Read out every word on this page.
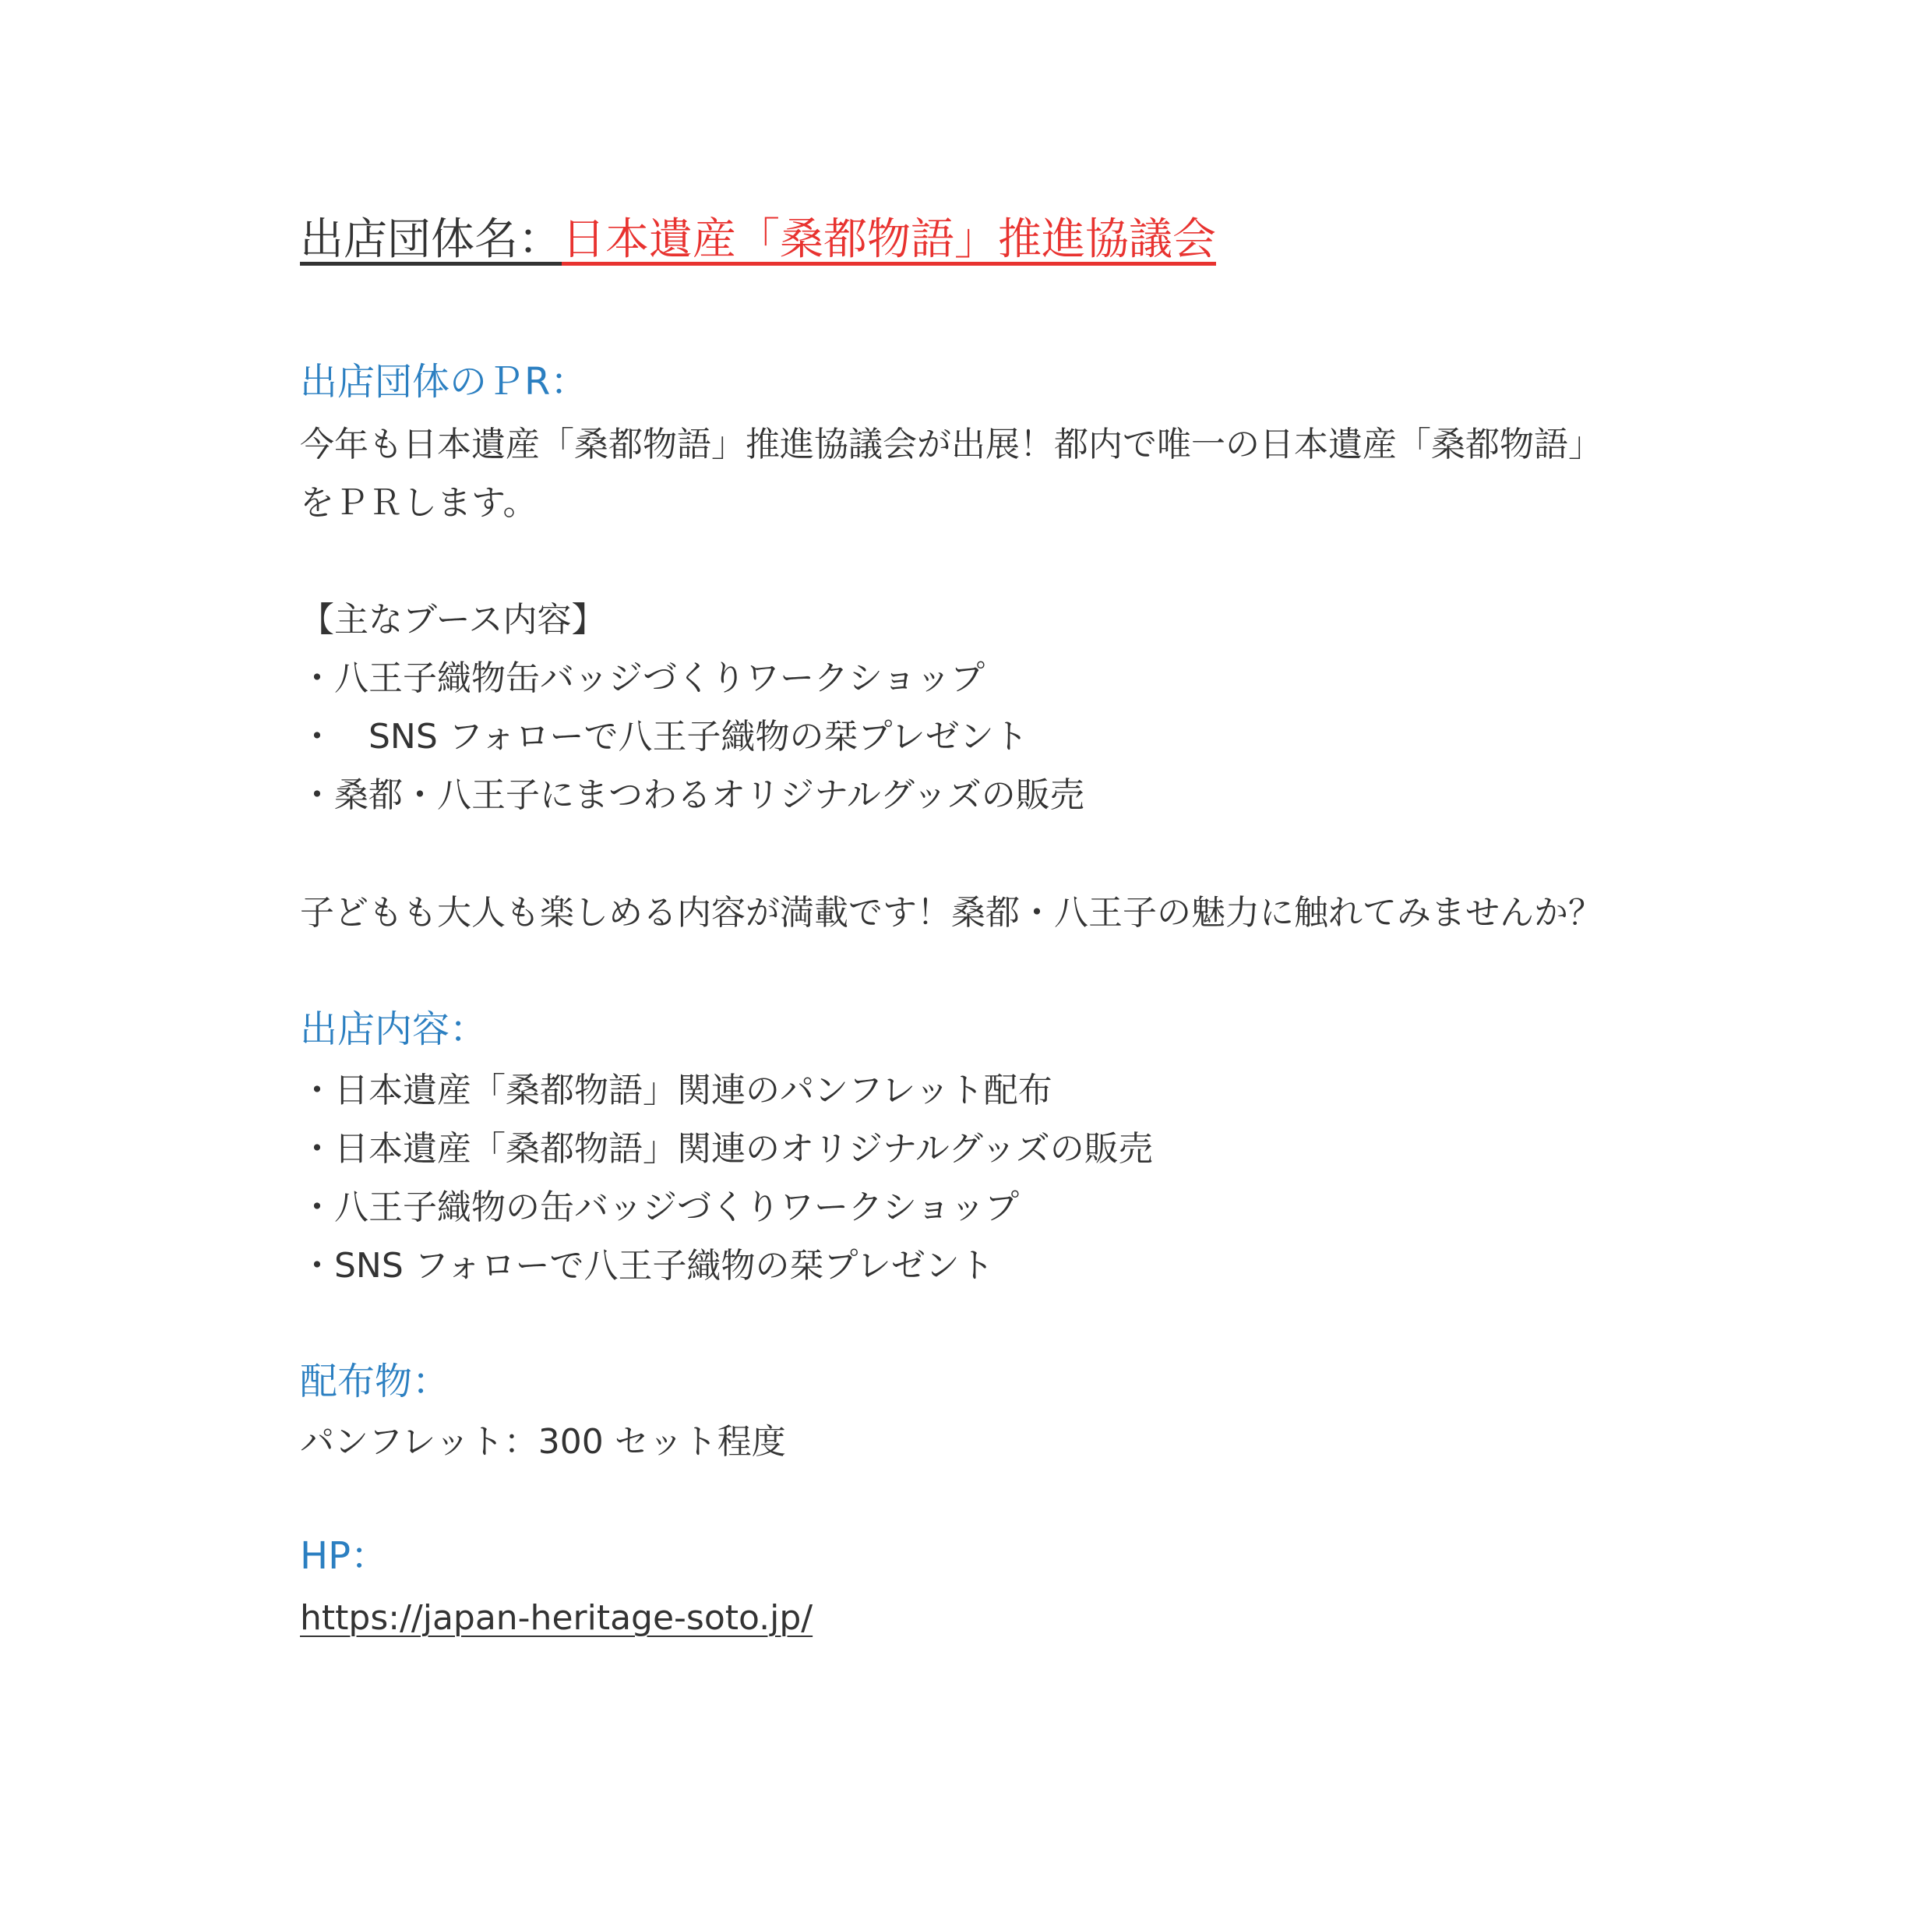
出店団体名：日本遺産「桑都物語」推進協議会
出店団体のＰR：
今年も日本遺産「桑都物語」推進協議会が出展！都内で唯一の日本遺産「桑都物語」
をＰＲします。
【主なブース内容】
・八王子織物缶バッジづくりワークショップ
・　SNS フォローで八王子織物の栞プレゼント
・桑都・八王子にまつわるオリジナルグッズの販売
子どもも大人も楽しめる内容が満載です！桑都・八王子の魅力に触れてみませんか？
出店内容：
・日本遺産「桑都物語」関連のパンフレット配布
・日本遺産「桑都物語」関連のオリジナルグッズの販売
・八王子織物の缶バッジづくりワークショップ
・SNS フォローで八王子織物の栞プレゼント
配布物：
パンフレット：300 セット程度
HP：
https://japan-heritage-soto.jp/
